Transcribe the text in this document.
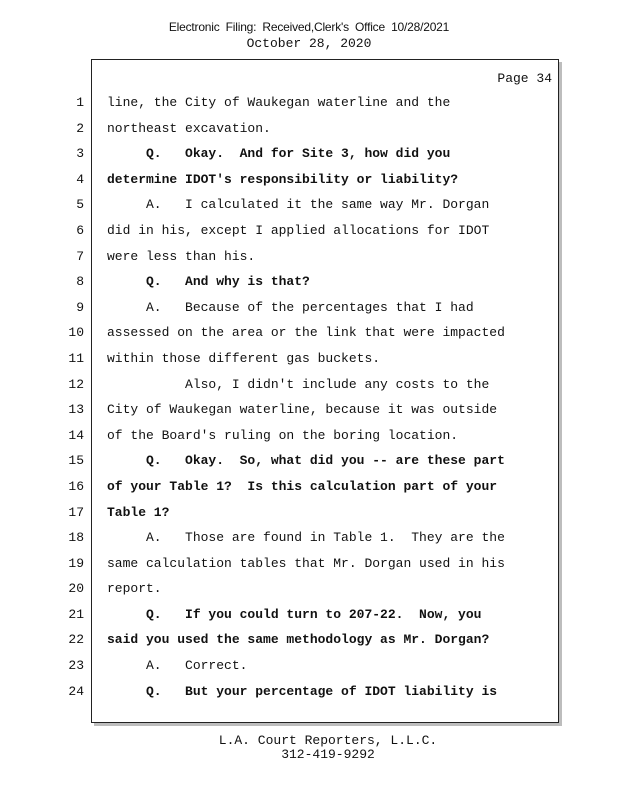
Electronic Filing: Received,Clerk's Office 10/28/2021
October 28, 2020
Page 34
1 line, the City of Waukegan waterline and the
2 northeast excavation.
3 Q.   Okay.  And for Site 3, how did you
4 determine IDOT's responsibility or liability?
5 A.   I calculated it the same way Mr. Dorgan
6 did in his, except I applied allocations for IDOT
7 were less than his.
8 Q.   And why is that?
9 A.   Because of the percentages that I had
10 assessed on the area or the link that were impacted
11 within those different gas buckets.
12 Also, I didn't include any costs to the
13 City of Waukegan waterline, because it was outside
14 of the Board's ruling on the boring location.
15 Q.   Okay.  So, what did you -- are these part
16 of your Table 1?  Is this calculation part of your
17 Table 1?
18 A.   Those are found in Table 1.  They are the
19 same calculation tables that Mr. Dorgan used in his
20 report.
21 Q.   If you could turn to 207-22.  Now, you
22 said you used the same methodology as Mr. Dorgan?
23 A.   Correct.
24 Q.   But your percentage of IDOT liability is
L.A. Court Reporters, L.L.C.
312-419-9292
